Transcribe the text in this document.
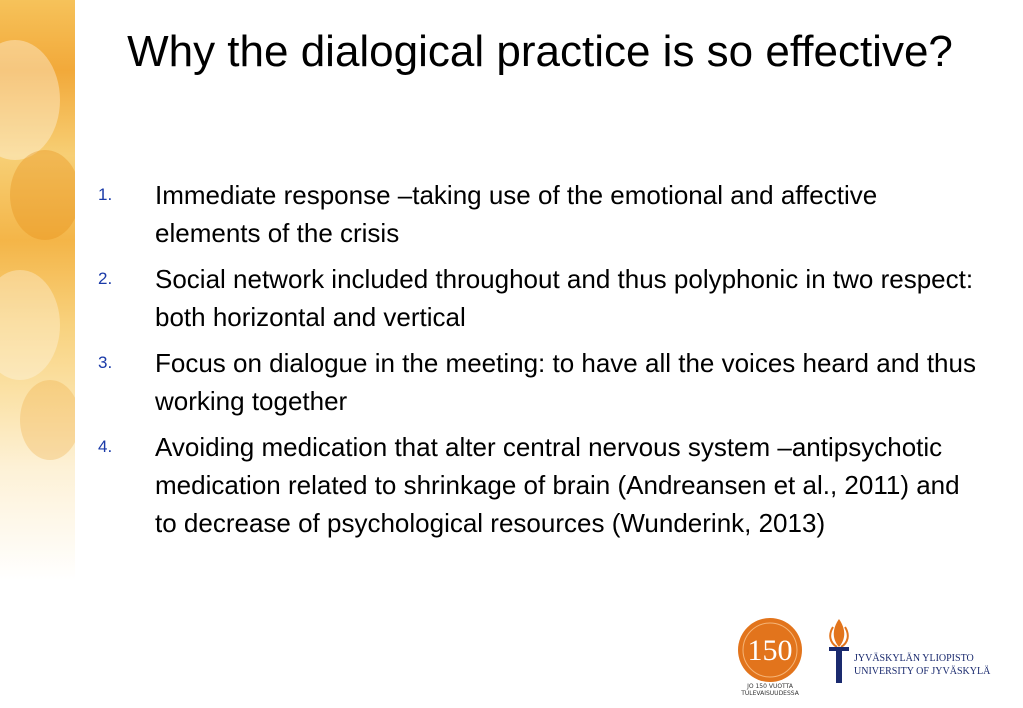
Why the dialogical practice is so effective?
1.	Immediate response –taking use of the emotional and affective elements of the crisis
2.	Social network included throughout and thus polyphonic in two respect: both horizontal and vertical
3.	Focus on dialogue in the meeting: to have all the voices heard and thus working together
4.	Avoiding medication that alter central nervous system –antipsychotic medication related to shrinkage of brain (Andreansen et al., 2011) and to decrease of psychological resources (Wunderink, 2013)
150
JO 150 VUOTTA
TULEVAISUUDESSA
JYVÄSKYLÄN YLIOPISTO
UNIVERSITY OF JYVÄSKYLÄ
